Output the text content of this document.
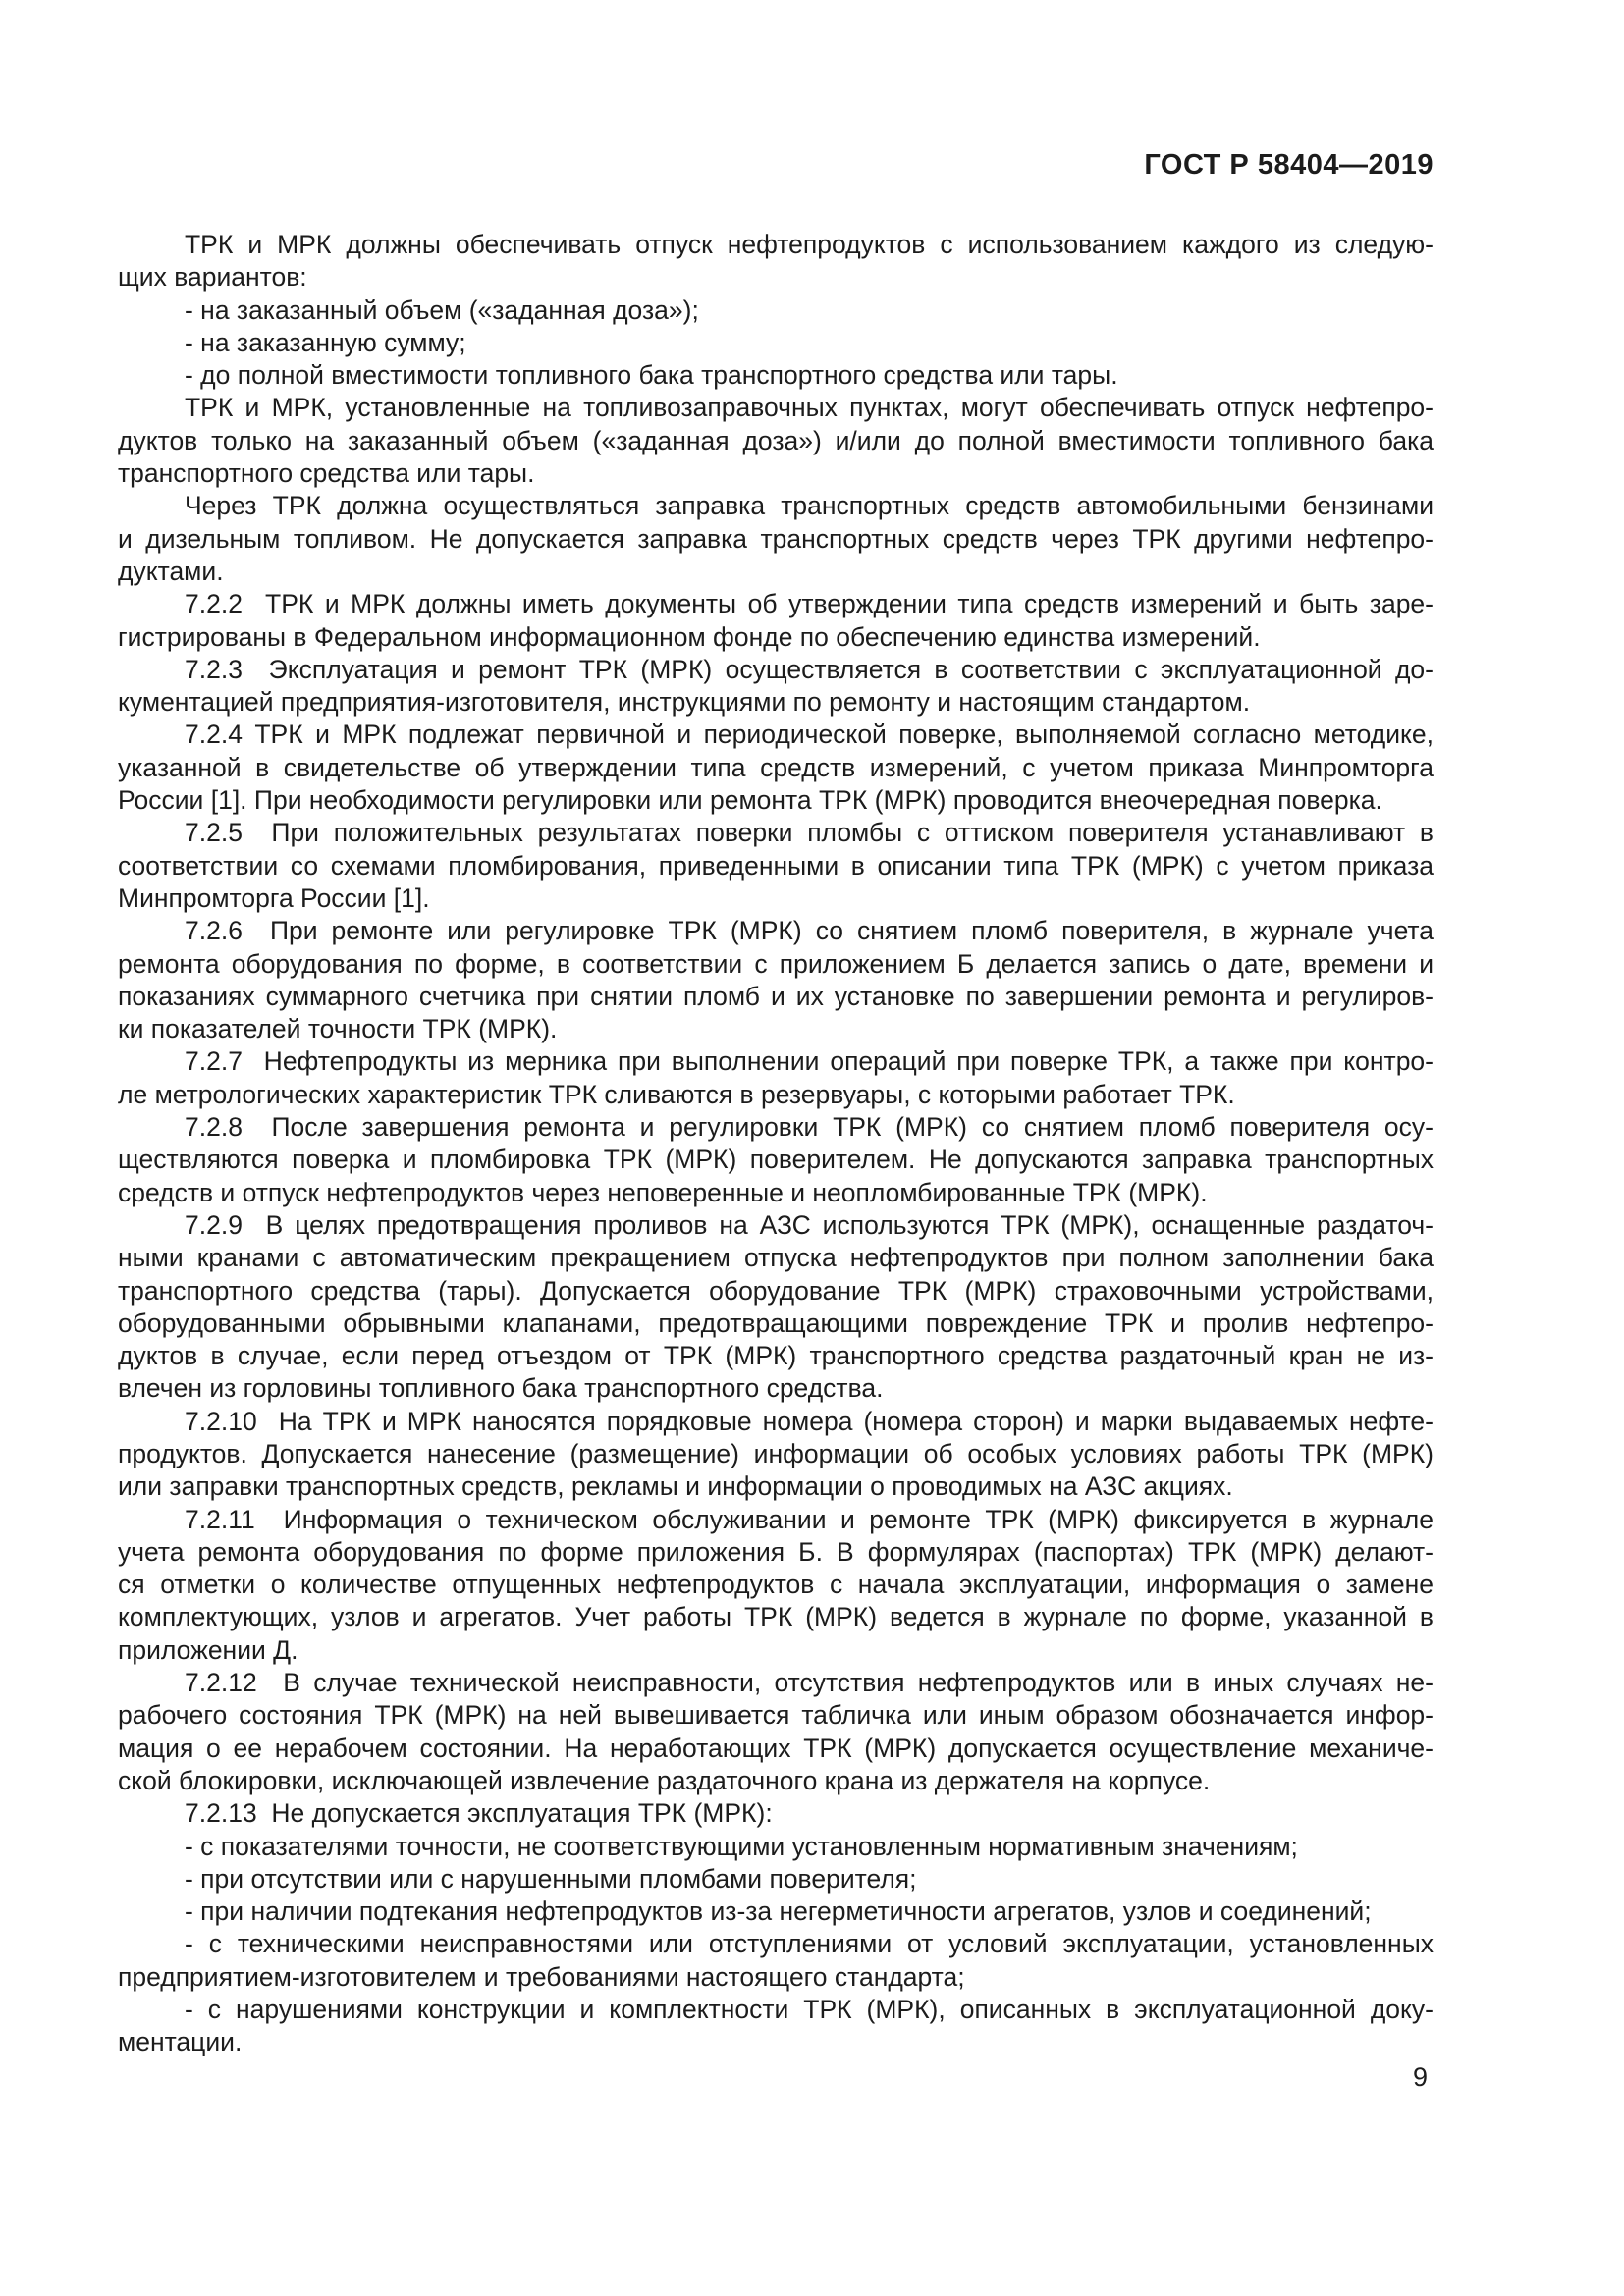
ГОСТ Р 58404—2019
ТРК и МРК должны обеспечивать отпуск нефтепродуктов с использованием каждого из следую-
щих вариантов:
- на заказанный объем («заданная доза»);
- на заказанную сумму;
- до полной вместимости топливного бака транспортного средства или тары.
ТРК и МРК, установленные на топливозаправочных пунктах, могут обеспечивать отпуск нефтепро-
дуктов только на заказанный объем («заданная доза») и/или до полной вместимости топливного бака
транспортного средства или тары.
Через ТРК должна осуществляться заправка транспортных средств автомобильными бензинами
и дизельным топливом. Не допускается заправка транспортных средств через ТРК другими нефтепро-
дуктами.
7.2.2  ТРК и МРК должны иметь документы об утверждении типа средств измерений и быть заре-
гистрированы в Федеральном информационном фонде по обеспечению единства измерений.
7.2.3  Эксплуатация и ремонт ТРК (МРК) осуществляется в соответствии с эксплуатационной до-
кументацией предприятия-изготовителя, инструкциями по ремонту и настоящим стандартом.
7.2.4 ТРК и МРК подлежат первичной и периодической поверке, выполняемой согласно методике,
указанной в свидетельстве об утверждении типа средств измерений, с учетом приказа Минпромторга
России [1]. При необходимости регулировки или ремонта ТРК (МРК) проводится внеочередная поверка.
7.2.5  При положительных результатах поверки пломбы с оттиском поверителя устанавливают в
соответствии со схемами пломбирования, приведенными в описании типа ТРК (МРК) с учетом приказа
Минпромторга России [1].
7.2.6  При ремонте или регулировке ТРК (МРК) со снятием пломб поверителя, в журнале учета
ремонта оборудования по форме, в соответствии с приложением Б делается запись о дате, времени и
показаниях суммарного счетчика при снятии пломб и их установке по завершении ремонта и регулиров-
ки показателей точности ТРК (МРК).
7.2.7  Нефтепродукты из мерника при выполнении операций при поверке ТРК, а также при контро-
ле метрологических характеристик ТРК сливаются в резервуары, с которыми работает ТРК.
7.2.8  После завершения ремонта и регулировки ТРК (МРК) со снятием пломб поверителя осу-
ществляются поверка и пломбировка ТРК (МРК) поверителем. Не допускаются заправка транспортных
средств и отпуск нефтепродуктов через неповеренные и неопломбированные ТРК (МРК).
7.2.9  В целях предотвращения проливов на АЗС используются ТРК (МРК), оснащенные раздаточ-
ными кранами с автоматическим прекращением отпуска нефтепродуктов при полном заполнении бака
транспортного средства (тары). Допускается оборудование ТРК (МРК) страховочными устройствами,
оборудованными обрывными клапанами, предотвращающими повреждение ТРК и пролив нефтепро-
дуктов в случае, если перед отъездом от ТРК (МРК) транспортного средства раздаточный кран не из-
влечен из горловины топливного бака транспортного средства.
7.2.10  На ТРК и МРК наносятся порядковые номера (номера сторон) и марки выдаваемых нефте-
продуктов. Допускается нанесение (размещение) информации об особых условиях работы ТРК (МРК)
или заправки транспортных средств, рекламы и информации о проводимых на АЗС акциях.
7.2.11  Информация о техническом обслуживании и ремонте ТРК (МРК) фиксируется в журнале
учета ремонта оборудования по форме приложения Б. В формулярах (паспортах) ТРК (МРК) делают-
ся отметки о количестве отпущенных нефтепродуктов с начала эксплуатации, информация о замене
комплектующих, узлов и агрегатов. Учет работы ТРК (МРК) ведется в журнале по форме, указанной в
приложении Д.
7.2.12  В случае технической неисправности, отсутствия нефтепродуктов или в иных случаях не-
рабочего состояния ТРК (МРК) на ней вывешивается табличка или иным образом обозначается инфор-
мация о ее нерабочем состоянии. На неработающих ТРК (МРК) допускается осуществление механиче-
ской блокировки, исключающей извлечение раздаточного крана из держателя на корпусе.
7.2.13  Не допускается эксплуатация ТРК (МРК):
- с показателями точности, не соответствующими установленным нормативным значениям;
- при отсутствии или с нарушенными пломбами поверителя;
- при наличии подтекания нефтепродуктов из-за негерметичности агрегатов, узлов и соединений;
- с техническими неисправностями или отступлениями от условий эксплуатации, установленных
предприятием-изготовителем и требованиями настоящего стандарта;
- с нарушениями конструкции и комплектности ТРК (МРК), описанных в эксплуатационной доку-
ментации.
9
